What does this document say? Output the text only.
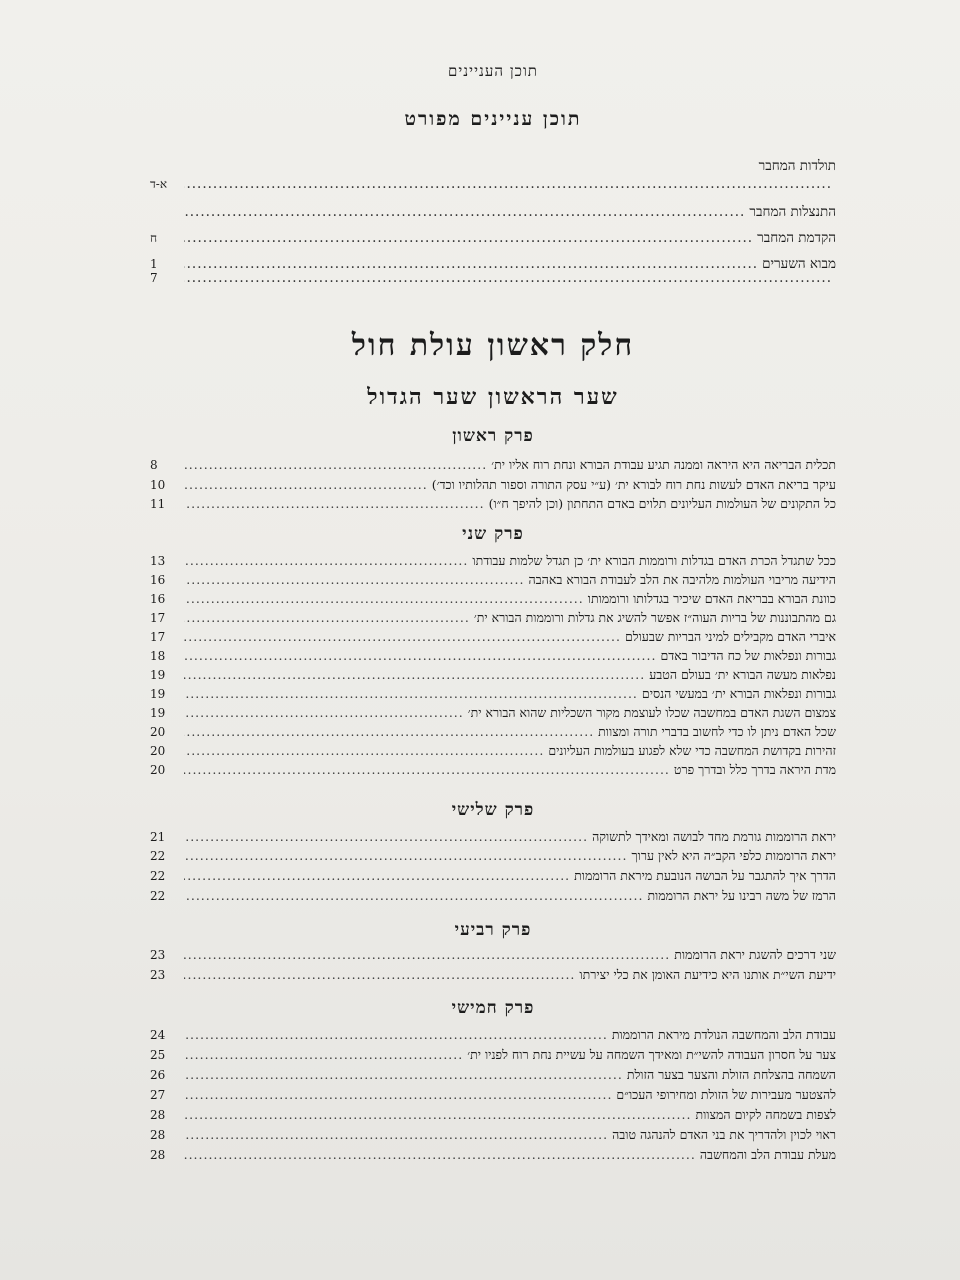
תוכן העניינים
תוכן עניינים מפורט
תולדות המחבר
.....
א-ד
התנצלות המחבר
.....
הקדמת המחבר
.....
ח
מבוא השערים
.....
1
.....
7
חלק ראשון עולת חול
שער הראשון שער הגדול
פרק ראשון
תכלית הבריאה היא היראה וממנה תגיע עבודת הבורא ונחת רוח אליו ית׳
.....
8
עיקר בריאת האדם לעשות נחת רוח לבורא ית׳ (ע״י עסק התורה וספור תהלותיו וכד׳)
.....
10
כל התקונים של העולמות העליונים תלוים באדם התחתון (וכן להיפך ח״ו)
.....
11
פרק שני
ככל שתגדל הכרת האדם בגדלות ורוממות הבורא ית׳ כן תגדל שלמות עבודתו
.....
13
הידיעה מריבוי העולמות מלהיבה את הלב לעבודת הבורא באהבה
.....
16
כוונת הבורא בבריאת האדם שיכיר בגדלותו ורוממותו
.....
16
גם מהתבוננות של בריות העוה״ז אפשר להשיג את גדלות ורוממות הבורא ית׳
.....
17
איברי האדם מקבילים למיני הבריות שבעולם
.....
17
גבורות ונפלאות של כח הדיבור באדם
.....
18
נפלאות מעשה הבורא ית׳ בעולם הטבע
.....
19
גבורות ונפלאות הבורא ית׳ במעשי הנסים
.....
19
צמצום השגת האדם במחשבה שכלו לעוצמת מקור השכליות שהוא הבורא ית׳
.....
19
שכל האדם ניתן לו כדי לחשוב בדברי תורה ומצוות
.....
20
זהירות בקדושת המחשבה כדי שלא לפגוע בעולמות העליונים
.....
20
מדת היראה בדרך כלל ובדרך פרט
.....
20
פרק שלישי
יראת הרוממות גורמת מחד לבושה ומאידך לתשוקה
.....
21
יראת הרוממות כלפי הקב״ה היא לאין ערוך
.....
22
הדרך איך להתגבר על הבושה הנובעת מיראת הרוממות
.....
22
הרמז של משה רבינו על יראת הרוממות
.....
22
פרק רביעי
שני דרכים להשגת יראת הרוממות
.....
23
ידיעת השי״ת אותנו היא כידיעת האומן את כלי יצירתו
.....
23
פרק חמישי
עבודת הלב והמחשבה הנולדת מיראת הרוממות
.....
24
צער על חסרון העבודה להשי״ת ומאידך השמחה על עשיית נחת רוח לפניו ית׳
.....
25
השמחה בהצלחת הזולת והצער בצער הזולת
.....
26
להצטער מעבירות של הזולת ומחירופי העכו״ם
.....
27
לצפות בשמחה לקיום המצוות
.....
28
ראוי לכוין ולהדריך את בני האדם להנהגה טובה
.....
28
מעלת עבודת הלב והמחשבה
.....
28
